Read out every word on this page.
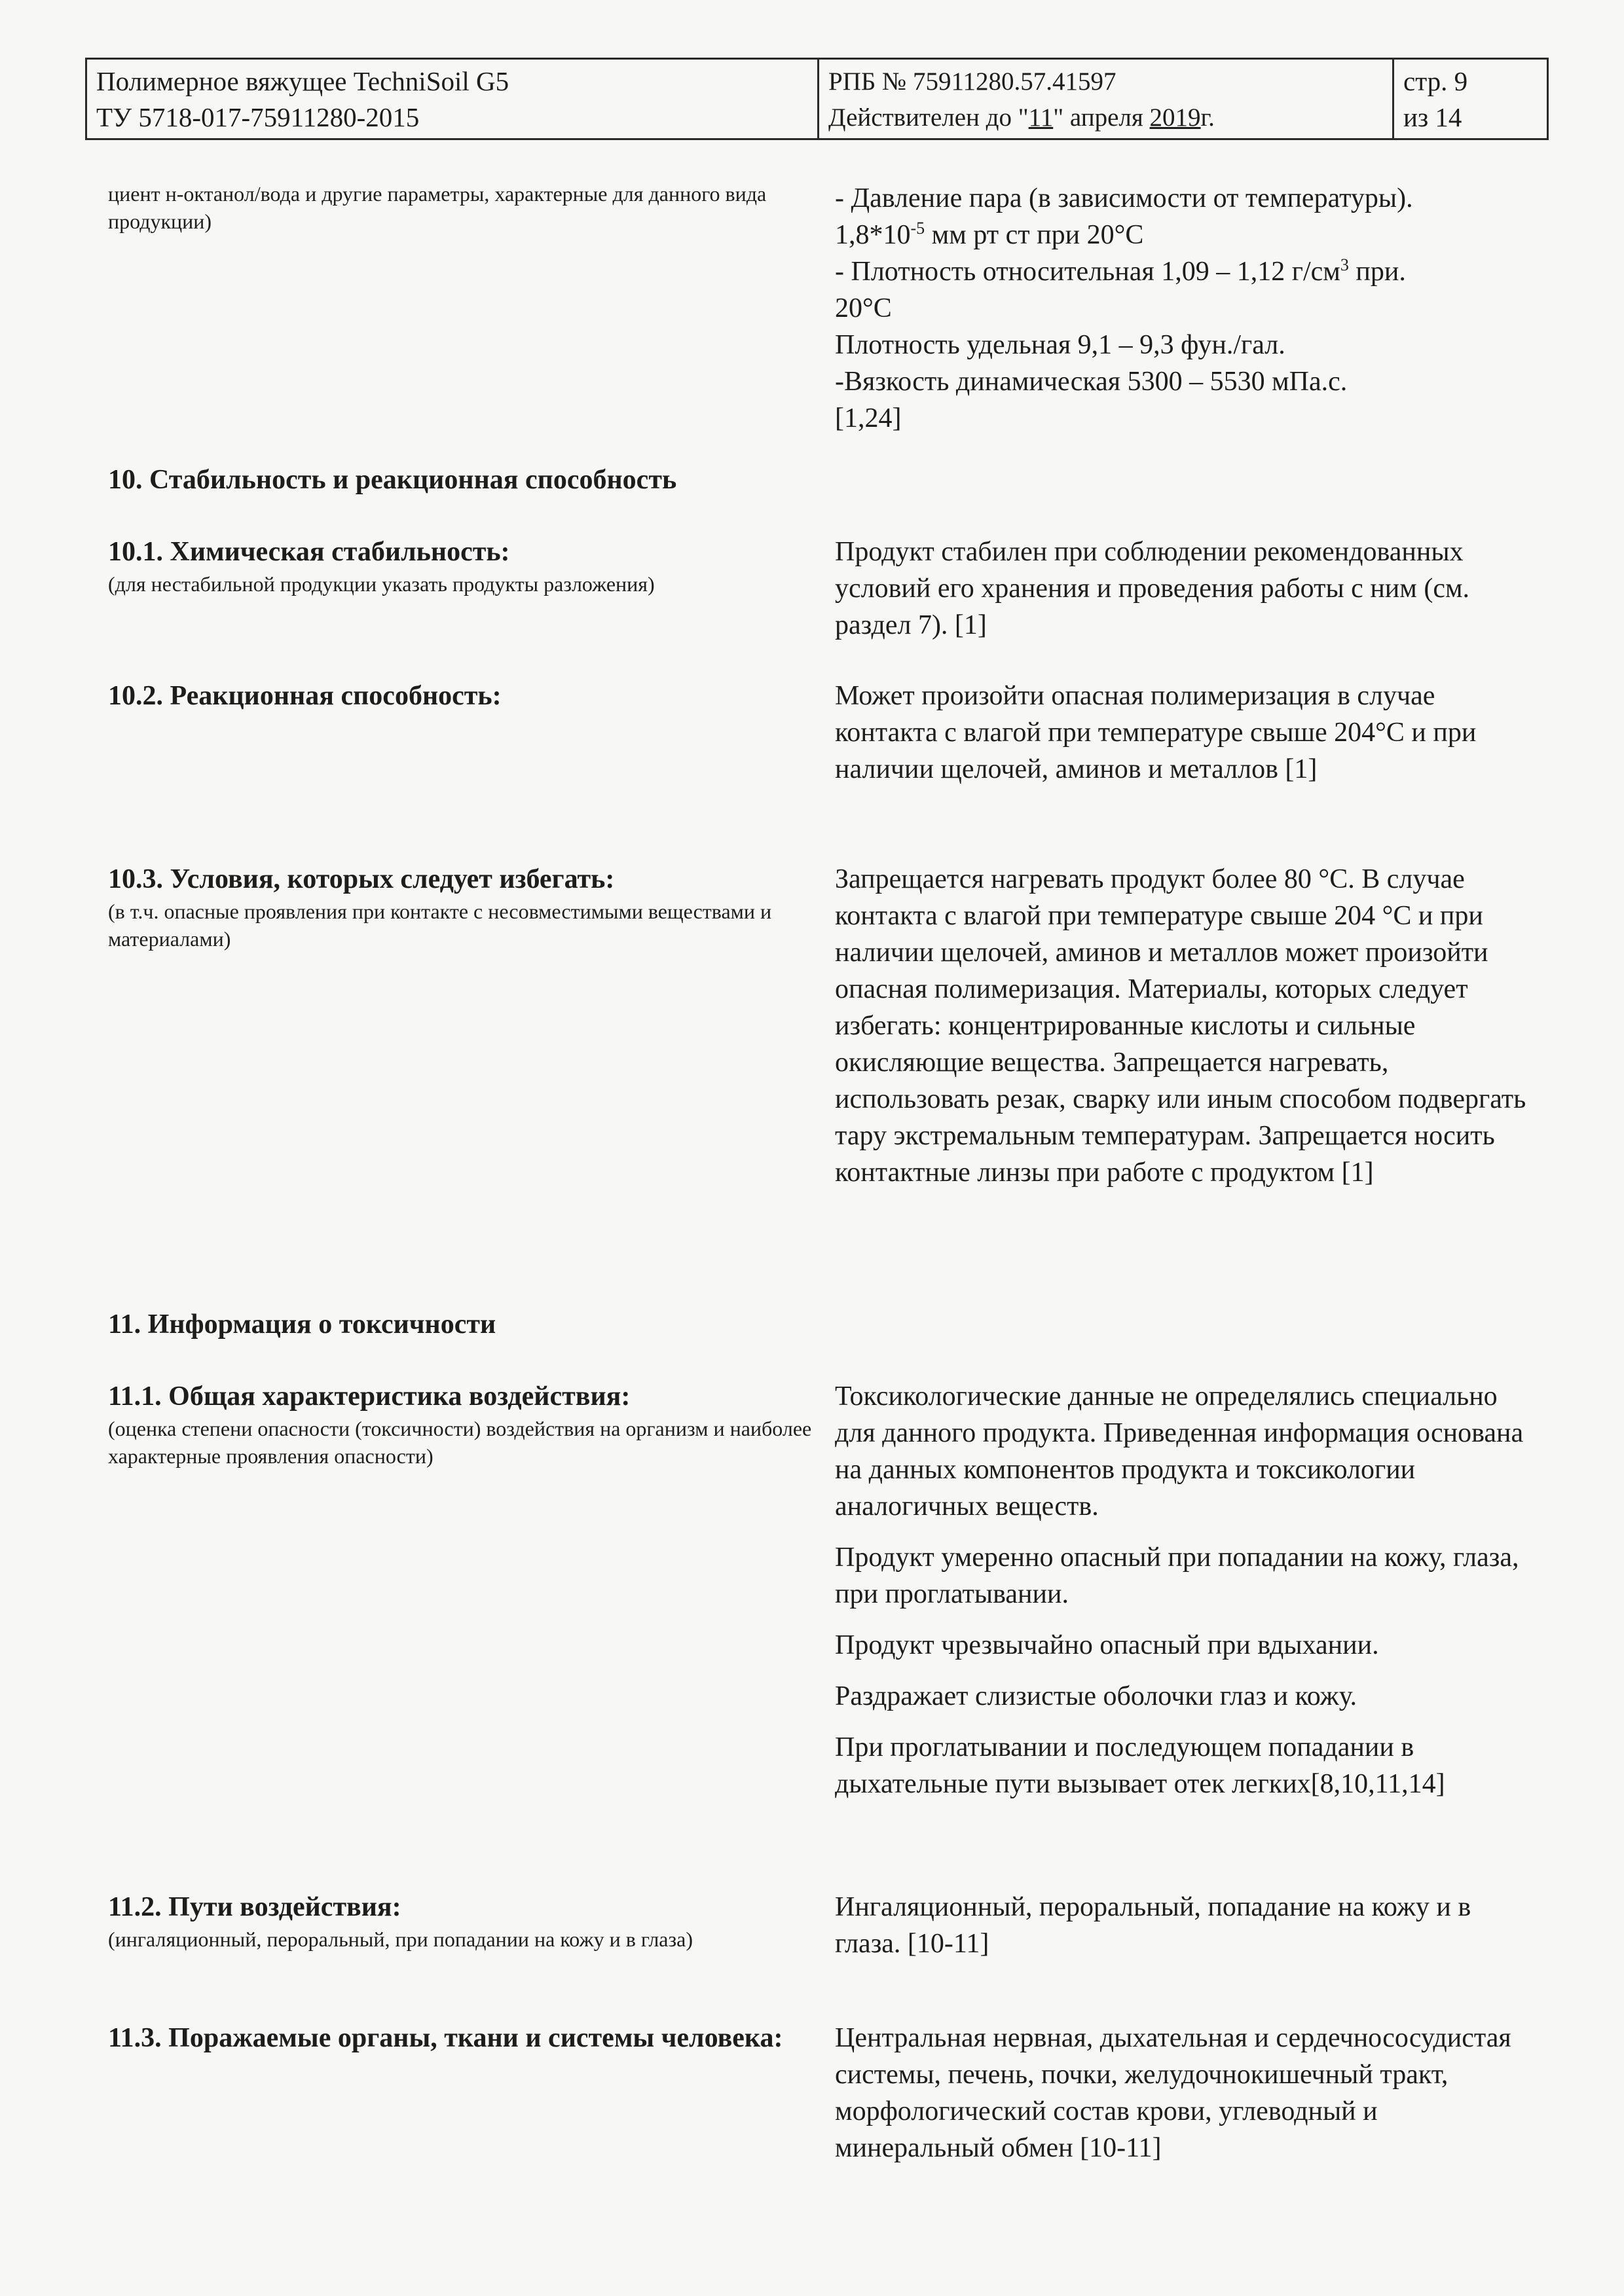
Полимерное вяжущее TechniSoil G5
ТУ 5718-017-75911280-2015
РПБ № 75911280.57.41597
Действителен до "11" апреля 2019г.
стр. 9
из 14
циент н-октанол/вода и другие параметры, характерные для данного вида продукции)
- Давление пара (в зависимости от температуры).
$1,8*10^{-5}$ мм рт ст при 20°С
- Плотность относительная 1,09 – 1,12 $г/см^3$ при.
20°С
Плотность удельная 9,1 – 9,3 фун./гал.
-Вязкость динамическая 5300 – 5530 мПа.с.
[1,24]
10. Стабильность и реакционная способность
10.1. Химическая стабильность:
(для нестабильной продукции указать продукты разложения)
Продукт стабилен при соблюдении рекомендованных условий его хранения и проведения работы с ним (см. раздел 7). [1]
10.2. Реакционная способность:	Может произойти опасная полимеризация в случае контакта с влагой при температуре свыше 204°С и при наличии щелочей, аминов и металлов [1]
10.3. Условия, которых следует избегать:
(в т.ч. опасные проявления при контакте с несовместимыми веществами и материалами)
Запрещается нагревать продукт более 80 °С. В случае контакта с влагой при температуре свыше 204 °С и при наличии щелочей, аминов и металлов может произойти опасная полимеризация. Материалы, которых следует избегать: концентрированные кислоты и сильные окисляющие вещества. Запрещается нагревать, использовать резак, сварку или иным способом подвергать тару экстремальным температурам. Запрещается носить контактные линзы при работе с продуктом [1]
11. Информация о токсичности
11.1. Общая характеристика воздействия:
(оценка степени опасности (токсичности) воздействия на организм и наиболее характерные проявления опасности)
Токсикологические данные не определялись специально для данного продукта. Приведенная информация основана на данных компонентов продукта и токсикологии аналогичных веществ.
Продукт умеренно опасный при попадании на кожу, глаза, при проглатывании.
Продукт чрезвычайно опасный при вдыхании.
Раздражает слизистые оболочки глаз и кожу.
При проглатывании и последующем попадании в дыхательные пути вызывает отек легких[8,10,11,14]
11.2. Пути воздействия:
(ингаляционный, пероральный, при попадании на кожу и в глаза)
Ингаляционный, пероральный, попадание на кожу и в глаза. [10-11]
11.3. Поражаемые органы, ткани и системы человека: Центральная нервная, дыхательная и сердечнососудистая системы, печень, почки, желудочнокишечный тракт, морфологический состав крови, углеводный и минеральный обмен [10-11]
